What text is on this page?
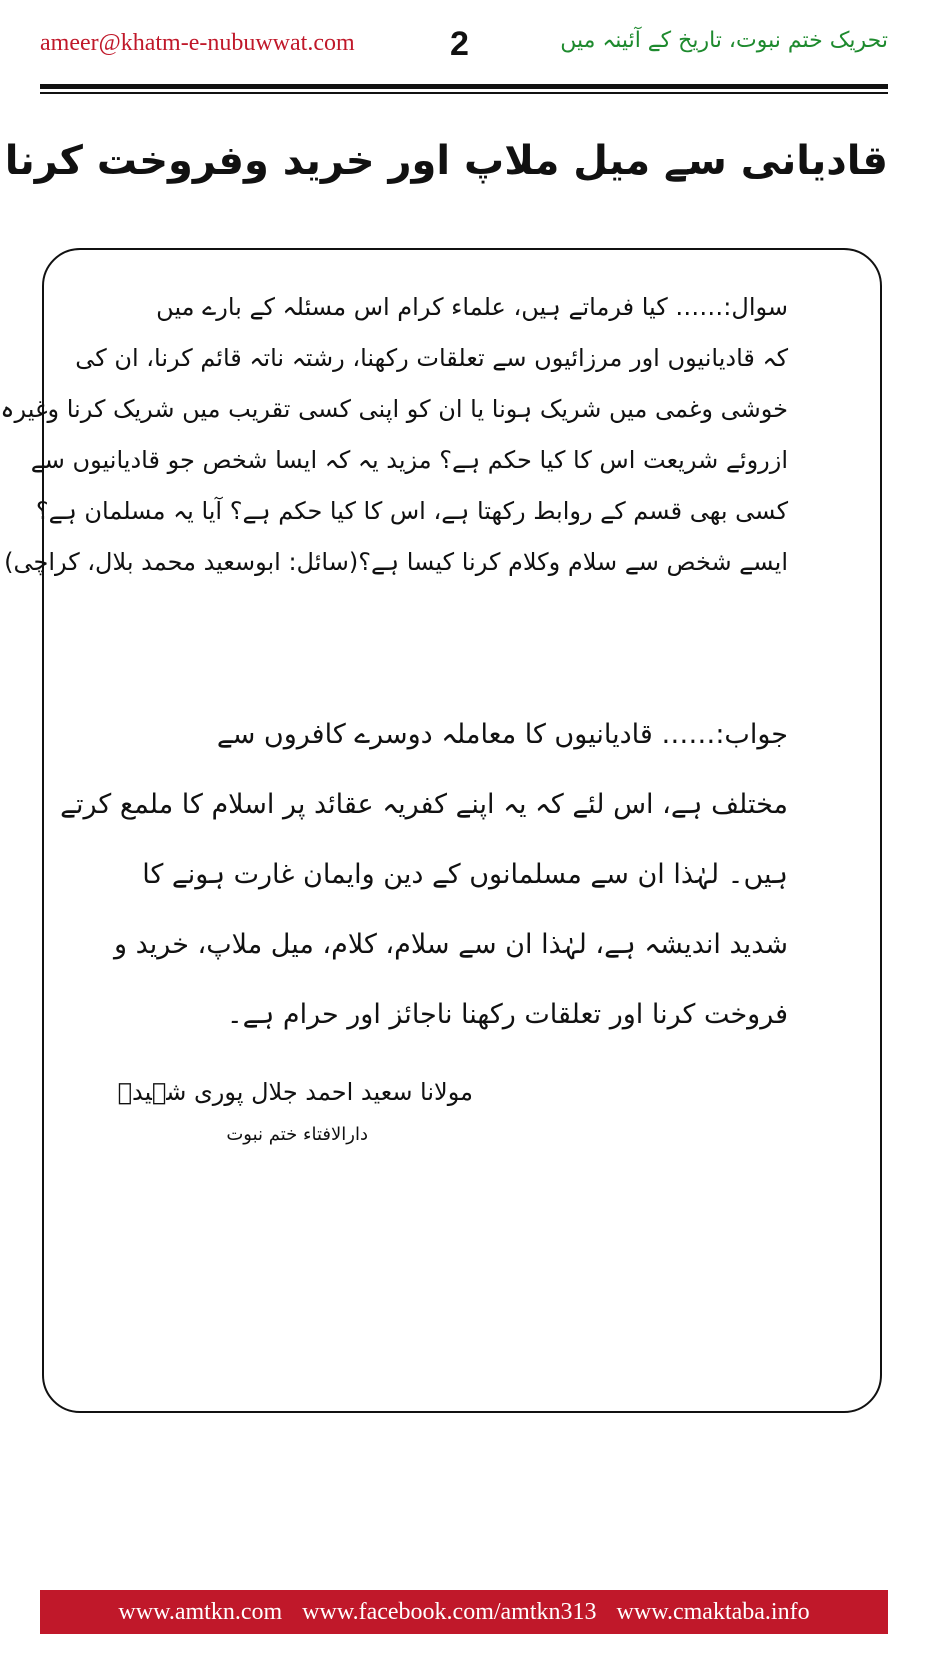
ameer@khatm-e-nubuwwat.com	2	تحریک ختم نبوت، تاریخ کے آئینہ میں
قادیانی سے میل ملاپ اور خرید وفروخت کرنا

سوال:…… کیا فرماتے ہیں، علماء کرام اس مسئلہ کے بارے میں

کہ قادیانیوں اور مرزائیوں سے تعلقات رکھنا، رشتہ ناتہ قائم کرنا، ان کی

خوشی وغمی میں شریک ہونا یا ان کو اپنی کسی تقریب میں شریک کرنا وغیرہ

ازروئے شریعت اس کا کیا حکم ہے؟ مزید یہ کہ ایسا شخص جو قادیانیوں سے

کسی بھی قسم کے روابط رکھتا ہے، اس کا کیا حکم ہے؟ آیا یہ مسلمان ہے؟

ایسے شخص سے سلام وکلام کرنا کیسا ہے؟
(سائل: ابوسعید محمد بلال، کراچی)

جواب:…… قادیانیوں کا معاملہ دوسرے کافروں سے

مختلف ہے، اس لئے کہ یہ اپنے کفریہ عقائد پر اسلام کا ملمع کرتے

ہیں۔ لہٰذا ان سے مسلمانوں کے دین وایمان غارت ہونے کا

شدید اندیشہ ہے، لہٰذا ان سے سلام، کلام، میل ملاپ، خرید و

فروخت کرنا اور تعلقات رکھنا ناجائز اور حرام ہے۔

مولانا سعید احمد جلال پوری شہیدؒ
دارالافتاء ختم نبوت
www.amtkn.com www.facebook.com/amtkn313 www.cmaktaba.info
